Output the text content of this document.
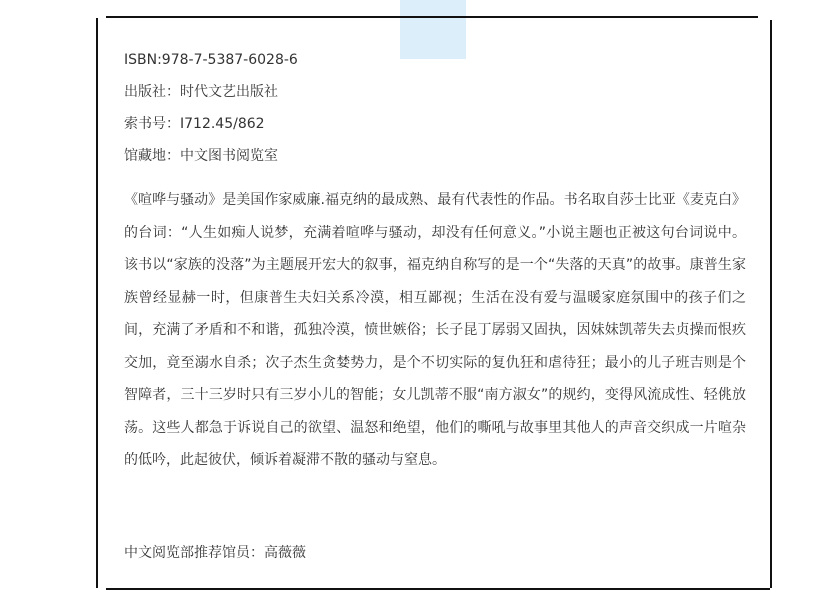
ISBN:978-7-5387-6028-6
出版社：时代文艺出版社
索书号：I712.45/862
馆藏地：中文图书阅览室
《喧哗与骚动》是美国作家威廉.福克纳的最成熟、最有代表性的作品。书名取自莎士比亚《麦克白》的台词：“人生如痴人说梦，充满着喧哗与骚动，却没有任何意义。”小说主题也正被这句台词说中。该书以“家族的没落”为主题展开宏大的叙事，福克纳自称写的是一个“失落的天真”的故事。康普生家族曾经显赫一时，但康普生夫妇关系冷漠，相互鄙视；生活在没有爱与温暖家庭氛围中的孩子们之间，充满了矛盾和不和谐，孤独冷漠，愤世嫉俗；长子昆丁孱弱又固执，因妹妹凯蒂失去贞操而恨疚交加，竟至溺水自杀；次子杰生贪婪势力，是个不切实际的复仇狂和虐待狂；最小的儿子班吉则是个智障者，三十三岁时只有三岁小儿的智能；女儿凯蒂不服“南方淑女”的规约，变得风流成性、轻佻放荡。这些人都急于诉说自己的欲望、温怒和绝望，他们的嘶吼与故事里其他人的声音交织成一片喧杂的低吟，此起彼伏，倾诉着凝滞不散的骚动与窒息。
中文阅览部推荐馆员：高薇薇
